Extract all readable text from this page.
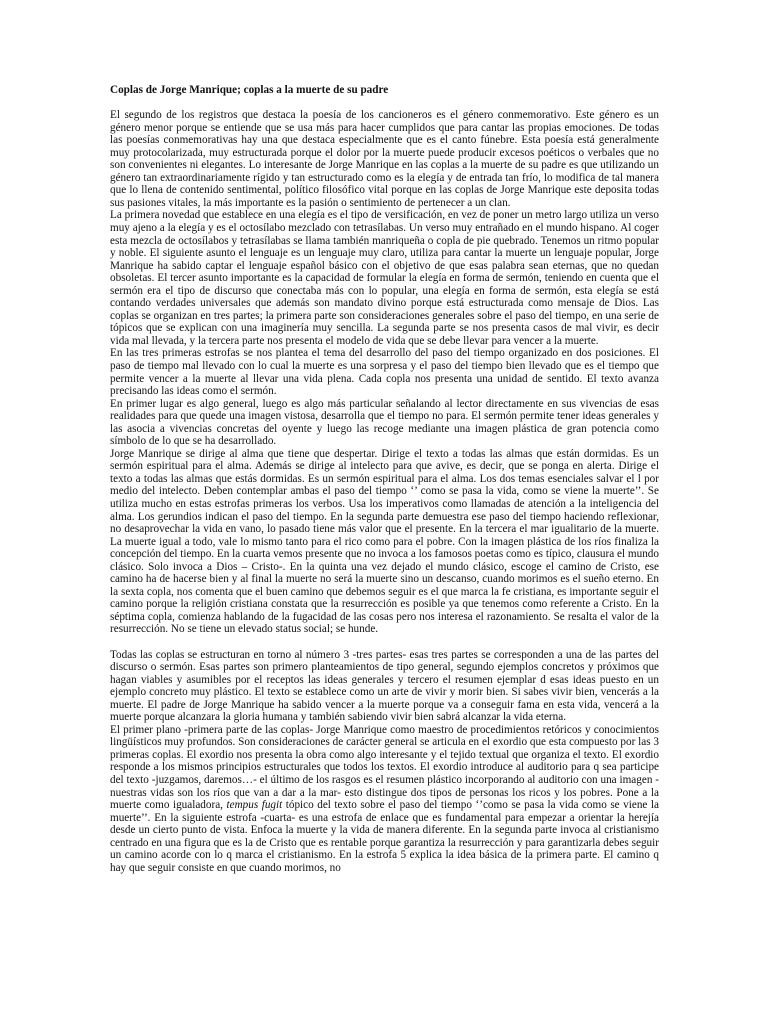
Coplas de Jorge Manrique; coplas a la muerte de su padre

El segundo de los registros que destaca la poesía de los cancioneros es el género conmemorativo. Este género es un género menor porque se entiende que se usa más para hacer cumplidos que para cantar las propias emociones. De todas las poesías conmemorativas hay una que destaca especialmente que es el canto fúnebre. Esta poesía está generalmente muy protocolarizada, muy estructurada porque el dolor por la muerte puede producir excesos poéticos o verbales que no son convenientes ni elegantes. Lo interesante de Jorge Manrique en las coplas a la muerte de su padre es que utilizando un género tan extraordinariamente rígido y tan estructurado como es la elegía y de entrada tan frío, lo modifica de tal manera que lo llena de contenido sentimental, político filosófico vital porque en las coplas de Jorge Manrique este deposita todas sus pasiones vitales, la más importante es la pasión o sentimiento de pertenecer a un clan.

La primera novedad que establece en una elegía es el tipo de versificación, en vez de poner un metro largo utiliza un verso muy ajeno a la elegía y es el octosílabo mezclado con tetrasílabas. Un verso muy entrañado en el mundo hispano. Al coger esta mezcla de octosílabos y tetrasílabas se llama también manriqueña o copla de pie quebrado. Tenemos un ritmo popular y noble. El siguiente asunto el lenguaje es un lenguaje muy claro, utiliza para cantar la muerte un lenguaje popular, Jorge Manrique ha sabido captar el lenguaje español básico con el objetivo de que esas palabra sean eternas, que no quedan obsoletas. El tercer asunto importante es la capacidad de formular la elegía en forma de sermón, teniendo en cuenta que el sermón era el tipo de discurso que conectaba más con lo popular, una elegía en forma de sermón, esta elegía se está contando verdades universales que además son mandato divino porque está estructurada como mensaje de Dios. Las coplas se organizan en tres partes; la primera parte son consideraciones generales sobre el paso del tiempo, en una serie de tópicos que se explican con una imaginería muy sencilla. La segunda parte se nos presenta casos de mal vivir, es decir vida mal llevada, y la tercera parte nos presenta el modelo de vida que se debe llevar para vencer a la muerte.

En las tres primeras estrofas se nos plantea el tema del desarrollo del paso del tiempo organizado en dos posiciones. El paso de tiempo mal llevado con lo cual la muerte es una sorpresa y el paso del tiempo bien llevado que es el tiempo que permite vencer a la muerte al llevar una vida plena. Cada copla nos presenta una unidad de sentido. El texto avanza precisando las ideas como el sermón.

En primer lugar es algo general, luego es algo más particular señalando al lector directamente en sus vivencias de esas realidades para que quede una imagen vistosa, desarrolla que el tiempo no para. El sermón permite tener ideas generales y las asocia a vivencias concretas del oyente y luego las recoge mediante una imagen plástica de gran potencia como símbolo de lo que se ha desarrollado.

Jorge Manrique se dirige al alma que tiene que despertar. Dirige el texto a todas las almas que están dormidas. Es un sermón espiritual para el alma. Además se dirige al intelecto para que avive, es decir, que se ponga en alerta. Dirige el texto a todas las almas que estás dormidas. Es un sermón espiritual para el alma. Los dos temas esenciales salvar el l por medio del intelecto. Deben contemplar ambas el paso del tiempo ‘’ como se pasa la vida, como se viene la muerte’’. Se utiliza mucho en estas estrofas primeras los verbos. Usa los imperativos como llamadas de atención a la inteligencia del alma. Los gerundios indican el paso del tiempo. En la segunda parte demuestra ese paso del tiempo haciendo reflexionar, no desaprovechar la vida en vano, lo pasado tiene más valor que el presente. En la tercera el mar igualitario de la muerte. La muerte igual a todo, vale lo mismo tanto para el rico como para el pobre. Con la imagen plástica de los ríos finaliza la concepción del tiempo. En la cuarta vemos presente que no invoca a los famosos poetas como es típico, clausura el mundo clásico. Solo invoca a Dios – Cristo-. En la quinta una vez dejado el mundo clásico, escoge el camino de Cristo, ese camino ha de hacerse bien y al final la muerte no será la muerte sino un descanso, cuando morimos es el sueño eterno. En la sexta copla, nos comenta que el buen camino que debemos seguir es el que marca la fe cristiana, es importante seguir el camino porque la religión cristiana constata que la resurrección es posible ya que tenemos como referente a Cristo. En la séptima copla, comienza hablando de la fugacidad de las cosas pero nos interesa el razonamiento. Se resalta el valor de la resurrección. No se tiene un elevado status social; se hunde.

Todas las coplas se estructuran en torno al número 3 -tres partes- esas tres partes se corresponden a una de las partes del discurso o sermón. Esas partes son primero planteamientos de tipo general, segundo ejemplos concretos y próximos que hagan viables y asumibles por el receptos las ideas generales y tercero el resumen ejemplar d esas ideas puesto en un ejemplo concreto muy plástico. El texto se establece como un arte de vivir y morir bien. Si sabes vivir bien, vencerás a la muerte. El padre de Jorge Manrique ha sabido vencer a la muerte porque va a conseguir fama en esta vida, vencerá a la muerte porque alcanzara la gloria humana y también sabiendo vivir bien sabrá alcanzar la vida eterna.

El primer plano -primera parte de las coplas- Jorge Manrique como maestro de procedimientos retóricos y conocimientos lingüísticos muy profundos. Son consideraciones de carácter general se articula en el exordio que esta compuesto por las 3 primeras coplas. El exordio nos presenta la obra como algo interesante y el tejido textual que organiza el texto. El exordio responde a los mismos principios estructurales que todos los textos. El exordio introduce al auditorio para q sea participe del texto -juzgamos, daremos…- el último de los rasgos es el resumen plástico incorporando al auditorio con una imagen -nuestras vidas son los ríos que van a dar a la mar- esto distingue dos tipos de personas los ricos y los pobres. Pone a la muerte como igualadora, tempus fugit tópico del texto sobre el paso del tiempo ‘’como se pasa la vida como se viene la muerte’’. En la siguiente estrofa -cuarta- es una estrofa de enlace que es fundamental para empezar a orientar la herejía desde un cierto punto de vista. Enfoca la muerte y la vida de manera diferente. En la segunda parte invoca al cristianismo centrado en una figura que es la de Cristo que es rentable porque garantiza la resurrección y para garantizarla debes seguir un camino acorde con lo q marca el cristianismo. En la estrofa 5 explica la idea básica de la primera parte. El camino q hay que seguir consiste en que cuando morimos, no
